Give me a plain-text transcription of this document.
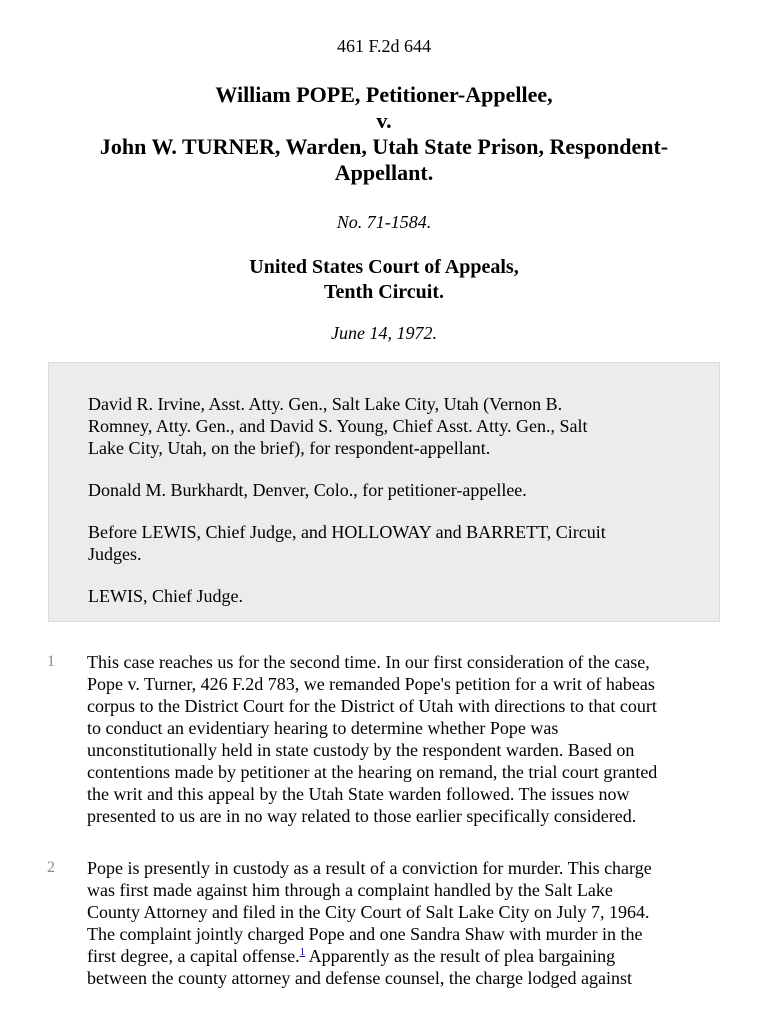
461 F.2d 644
William POPE, Petitioner-Appellee,
v.
John W. TURNER, Warden, Utah State Prison, Respondent-
Appellant.
No. 71-1584.
United States Court of Appeals,
Tenth Circuit.
June 14, 1972.

David R. Irvine, Asst. Atty. Gen., Salt Lake City, Utah (Vernon B.
Romney, Atty. Gen., and David S. Young, Chief Asst. Atty. Gen., Salt
Lake City, Utah, on the brief), for respondent-appellant.

Donald M. Burkhardt, Denver, Colo., for petitioner-appellee.

Before LEWIS, Chief Judge, and HOLLOWAY and BARRETT, Circuit
Judges.

LEWIS, Chief Judge.

1 This case reaches us for the second time. In our first consideration of the case,
Pope v. Turner, 426 F.2d 783, we remanded Pope's petition for a writ of habeas
corpus to the District Court for the District of Utah with directions to that court
to conduct an evidentiary hearing to determine whether Pope was
unconstitutionally held in state custody by the respondent warden. Based on
contentions made by petitioner at the hearing on remand, the trial court granted
the writ and this appeal by the Utah State warden followed. The issues now
presented to us are in no way related to those earlier specifically considered.
2 Pope is presently in custody as a result of a conviction for murder. This charge
was first made against him through a complaint handled by the Salt Lake
County Attorney and filed in the City Court of Salt Lake City on July 7, 1964.
The complaint jointly charged Pope and one Sandra Shaw with murder in the
first degree, a capital offense.$^1$ Apparently as the result of plea bargaining
between the county attorney and defense counsel, the charge lodged against
